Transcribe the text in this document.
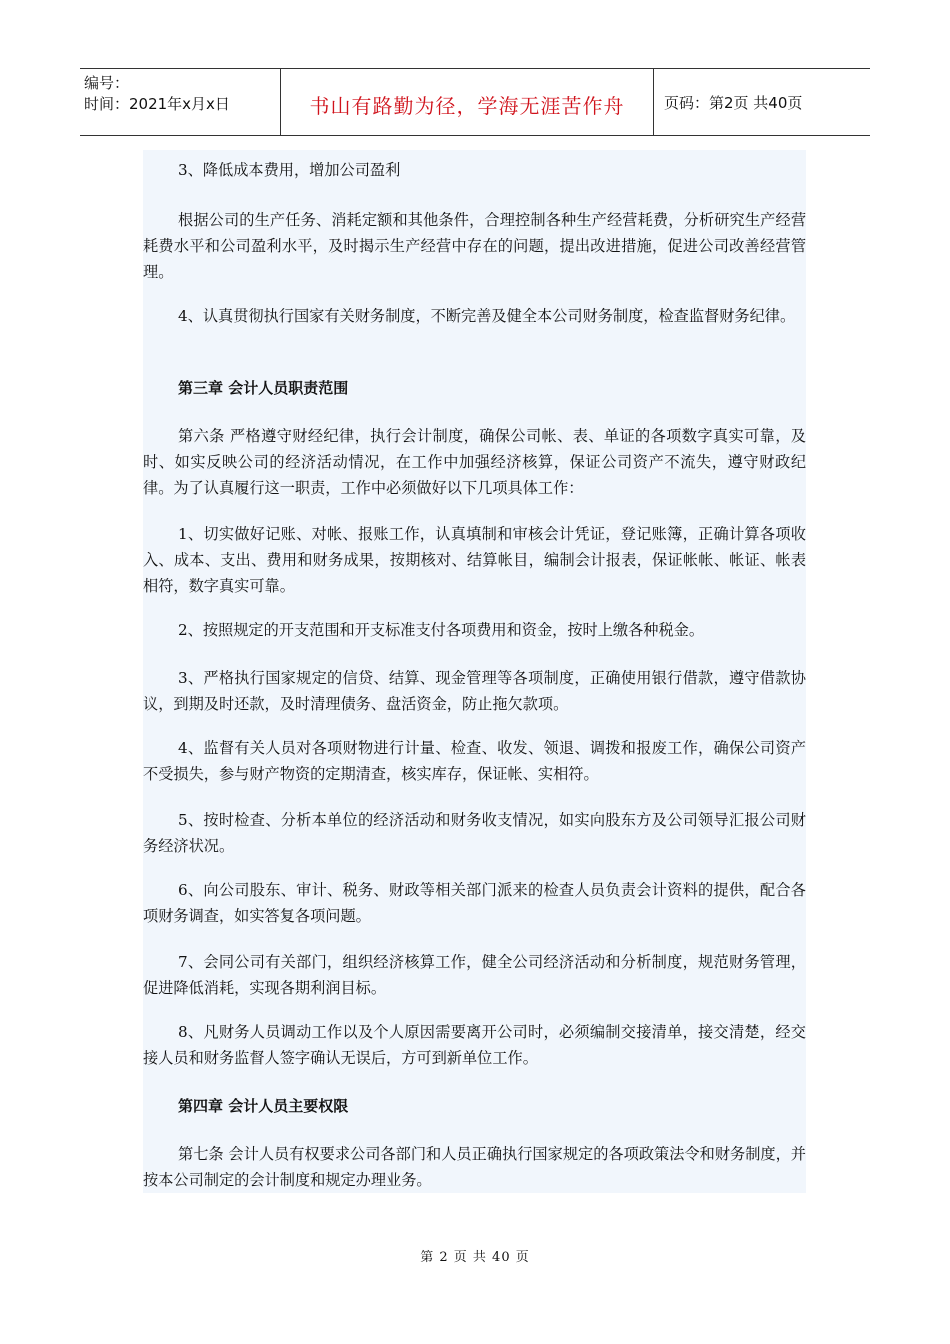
编号：
时间：2021年x月x日	书山有路勤为径，学海无涯苦作舟	页码：第2页 共40页

3、降低成本费用，增加公司盈利

根据公司的生产任务、消耗定额和其他条件，合理控制各种生产经营耗费，分析研究生产经营耗费水平和公司盈利水平，及时揭示生产经营中存在的问题，提出改进措施，促进公司改善经营管理。

4、认真贯彻执行国家有关财务制度，不断完善及健全本公司财务制度，检查监督财务纪律。

第三章 会计人员职责范围

第六条 严格遵守财经纪律，执行会计制度，确保公司帐、表、单证的各项数字真实可靠，及时、如实反映公司的经济活动情况，在工作中加强经济核算，保证公司资产不流失，遵守财政纪律。为了认真履行这一职责，工作中必须做好以下几项具体工作：

1、切实做好记账、对帐、报账工作，认真填制和审核会计凭证，登记账簿，正确计算各项收入、成本、支出、费用和财务成果，按期核对、结算帐目，编制会计报表，保证帐帐、帐证、帐表相符，数字真实可靠。

2、按照规定的开支范围和开支标准支付各项费用和资金，按时上缴各种税金。

3、严格执行国家规定的信贷、结算、现金管理等各项制度，正确使用银行借款，遵守借款协议，到期及时还款，及时清理债务、盘活资金，防止拖欠款项。

4、监督有关人员对各项财物进行计量、检查、收发、领退、调拨和报废工作，确保公司资产不受损失，参与财产物资的定期清查，核实库存，保证帐、实相符。

5、按时检查、分析本单位的经济活动和财务收支情况，如实向股东方及公司领导汇报公司财务经济状况。

6、向公司股东、审计、税务、财政等相关部门派来的检查人员负责会计资料的提供，配合各项财务调查，如实答复各项问题。

7、会同公司有关部门，组织经济核算工作，健全公司经济活动和分析制度，规范财务管理，促进降低消耗，实现各期利润目标。

8、凡财务人员调动工作以及个人原因需要离开公司时，必须编制交接清单，接交清楚，经交接人员和财务监督人签字确认无误后，方可到新单位工作。

第四章 会计人员主要权限

第七条 会计人员有权要求公司各部门和人员正确执行国家规定的各项政策法令和财务制度，并按本公司制定的会计制度和规定办理业务。

第 2 页 共 40 页
